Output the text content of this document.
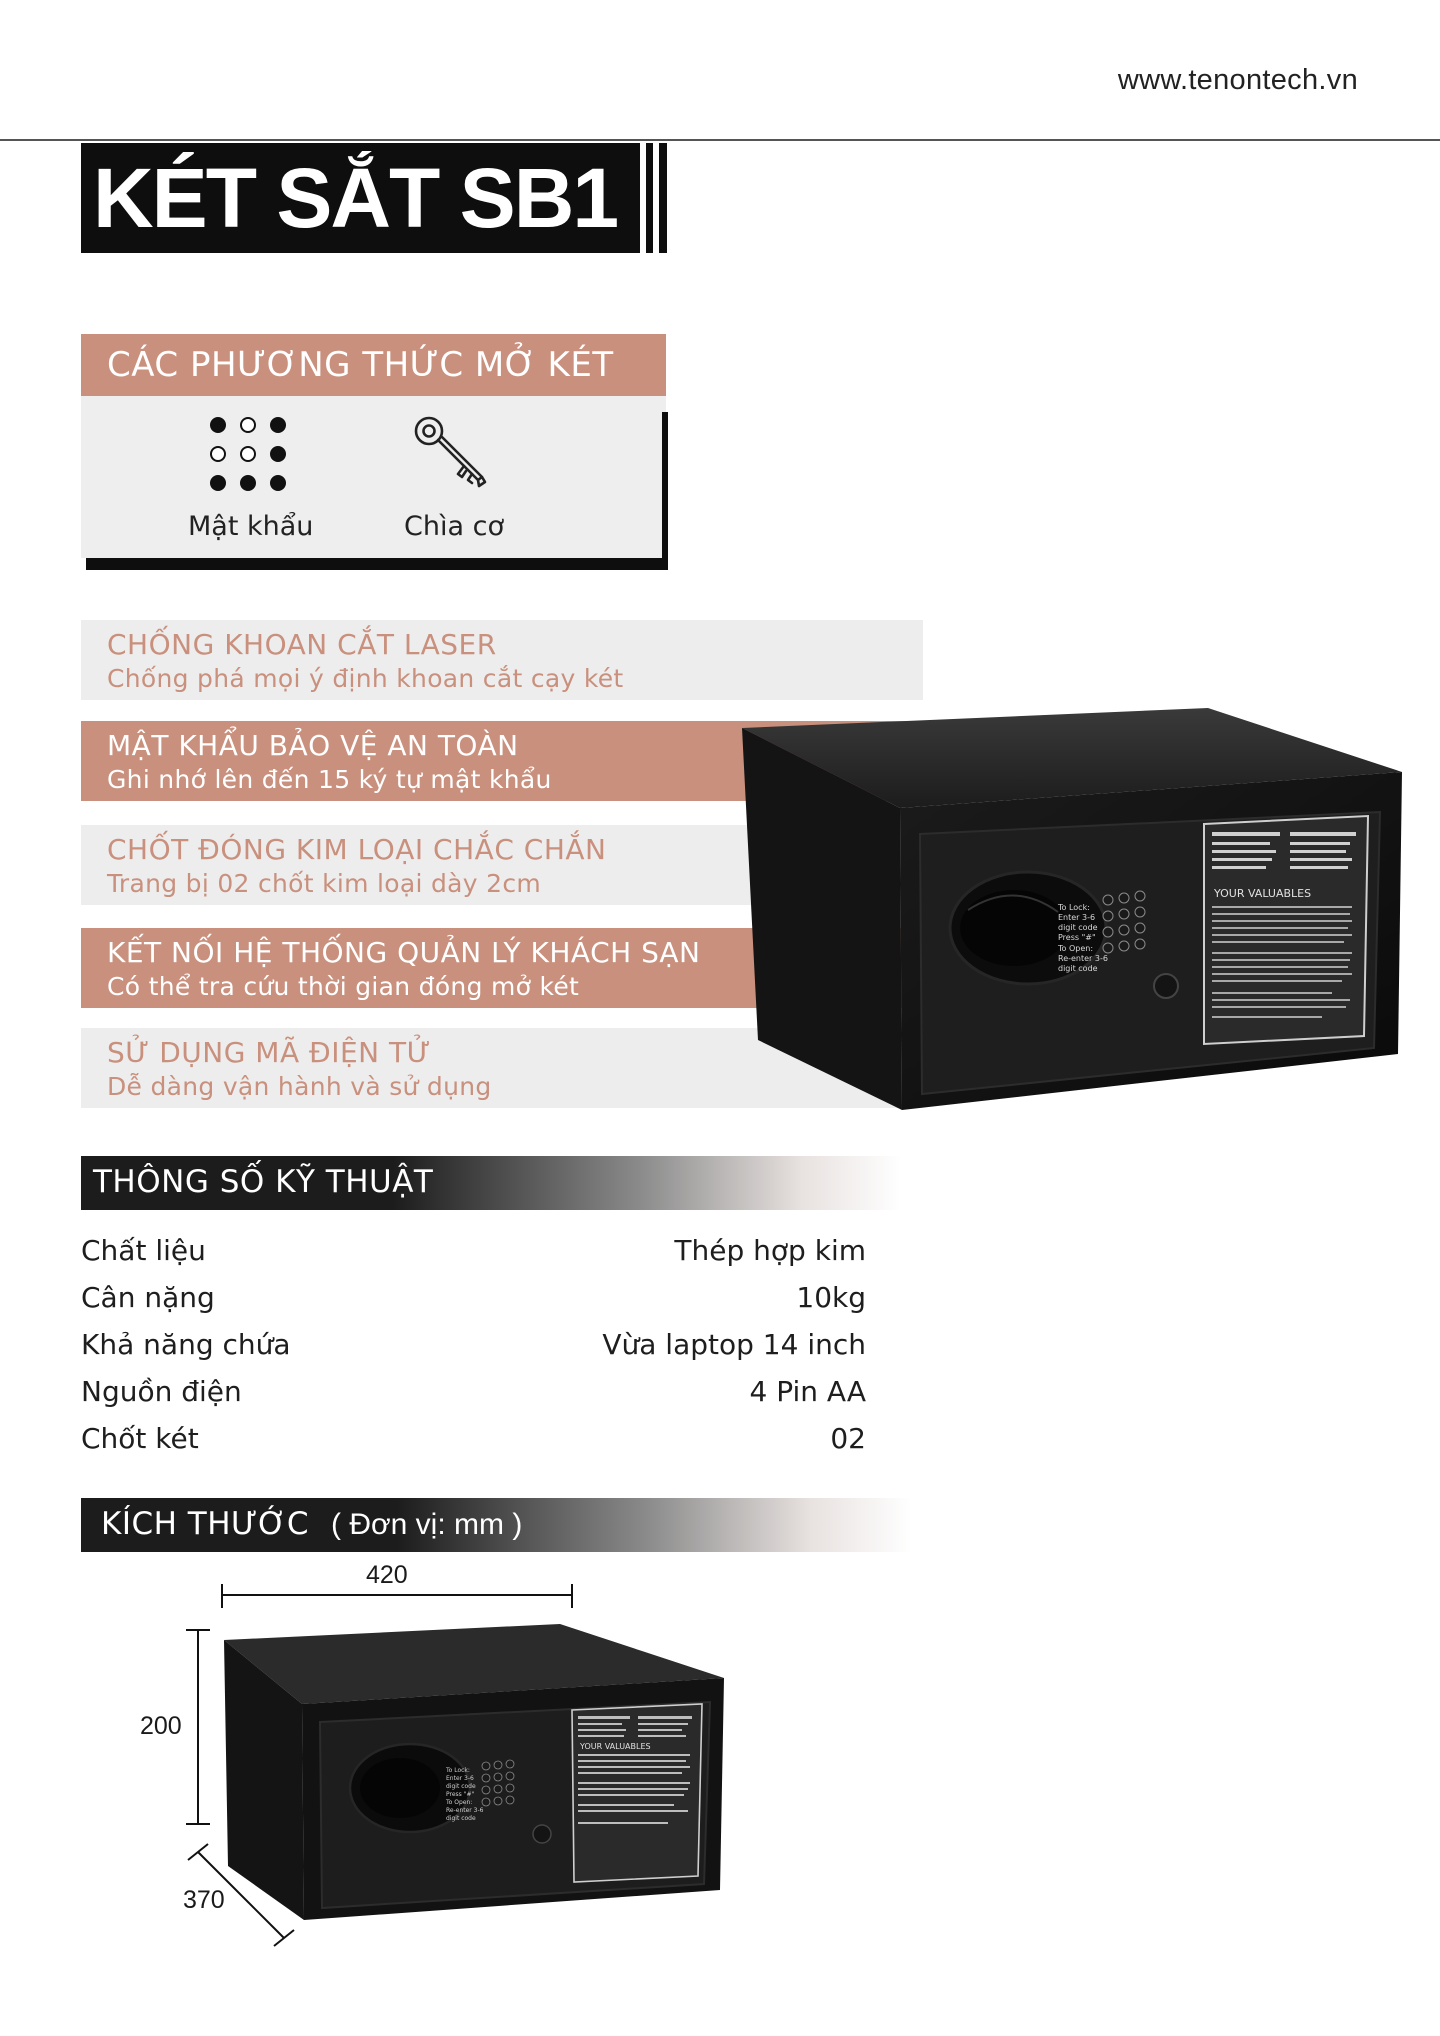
www.tenontech.vn
KÉT SẮT SB1
CÁC PHƯƠNG THỨC MỞ KÉT
Mật khẩu	Chìa cơ
CHỐNG KHOAN CẮT LASER
Chống phá mọi ý định khoan cắt cạy két
MẬT KHẨU BẢO VỆ AN TOÀN
Ghi nhớ lên đến 15 ký tự mật khẩu
CHỐT ĐÓNG KIM LOẠI CHẮC CHẮN
Trang bị 02 chốt kim loại dày 2cm
KẾT NỐI HỆ THỐNG QUẢN LÝ KHÁCH SẠN
Có thể tra cứu thời gian đóng mở két
SỬ DỤNG MÃ ĐIỆN TỬ
Dễ dàng vận hành và sử dụng
YOUR VALUABLES
To Lock:
Enter 3-6
digit code
Press "#"
To Open:
Re-enter 3-6
digit code
THÔNG SỐ KỸ THUẬT
Chất liệu	Thép hợp kim
Cân nặng	10kg
Khả năng chứa	Vừa laptop 14 inch
Nguồn điện	4 Pin AA
Chốt két	02
KÍCH THƯỚC ( Đơn vị: mm )
YOUR VALUABLES
To Lock:
Enter 3-6
digit code
Press "#"
To Open:
Re-enter 3-6
digit code
420
200
370
